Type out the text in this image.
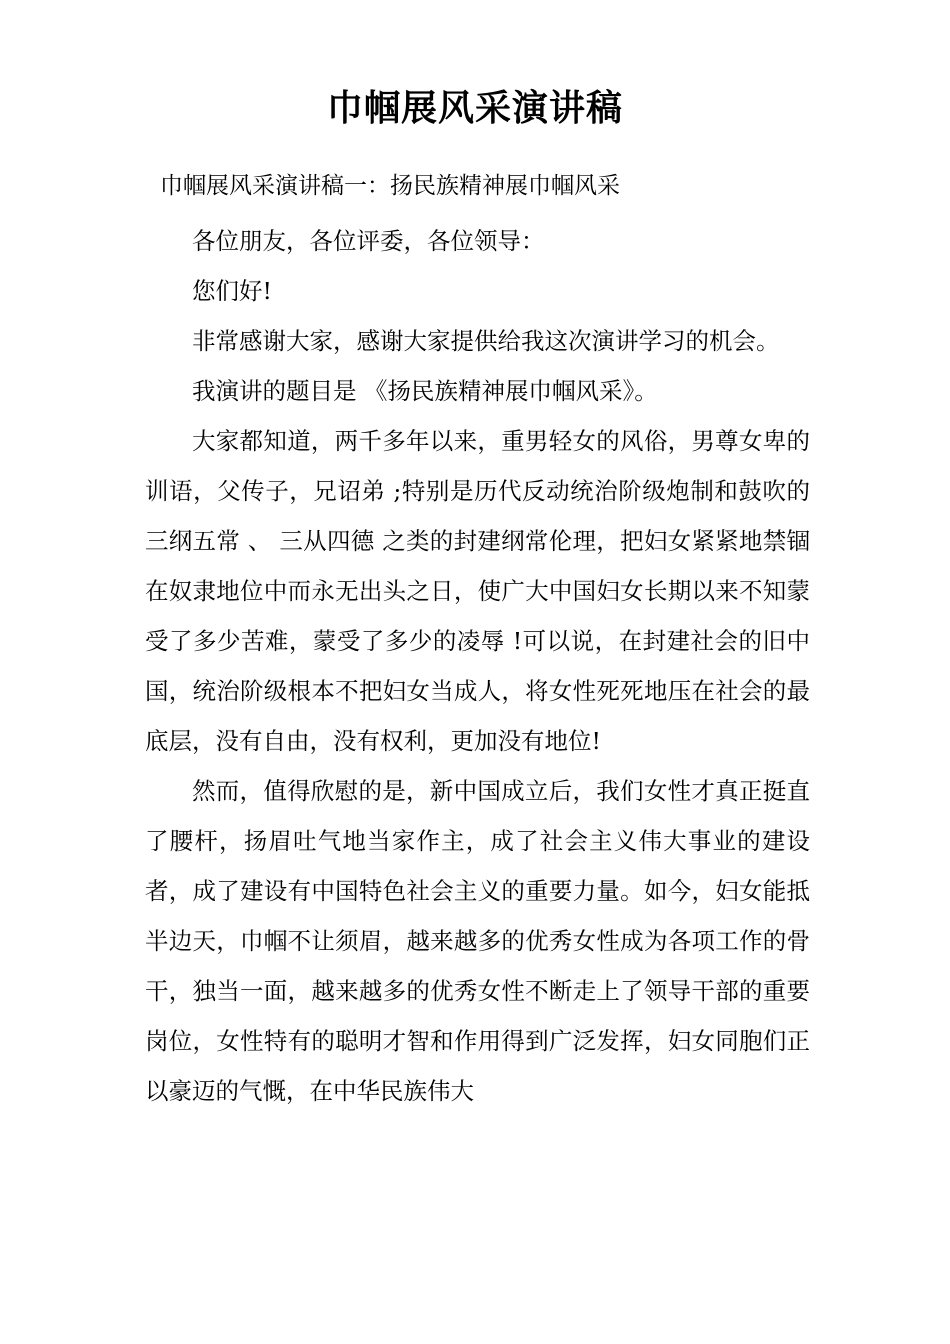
巾帼展风采演讲稿
巾帼展风采演讲稿一：扬民族精神展巾帼风采

各位朋友，各位评委，各位领导：

您们好!

非常感谢大家，感谢大家提供给我这次演讲学习的机会。

我演讲的题目是 《扬民族精神展巾帼风采》。

大家都知道，两千多年以来，重男轻女的风俗，男尊女卑的训语，父传子，兄诏弟 ;特别是历代反动统治阶级炮制和鼓吹的 三纲五常 、 三从四德 之类的封建纲常伦理，把妇女紧紧地禁锢在奴隶地位中而永无出头之日，使广大中国妇女长期以来不知蒙受了多少苦难，蒙受了多少的凌辱 !可以说，在封建社会的旧中国，统治阶级根本不把妇女当成人，将女性死死地压在社会的最底层，没有自由，没有权利，更加没有地位!

然而，值得欣慰的是，新中国成立后，我们女性才真正挺直了腰杆，扬眉吐气地当家作主，成了社会主义伟大事业的建设者，成了建设有中国特色社会主义的重要力量。如今，妇女能抵半边天，巾帼不让须眉，越来越多的优秀女性成为各项工作的骨干，独当一面，越来越多的优秀女性不断走上了领导干部的重要岗位，女性特有的聪明才智和作用得到广泛发挥，妇女同胞们正以豪迈的气慨，在中华民族伟大
